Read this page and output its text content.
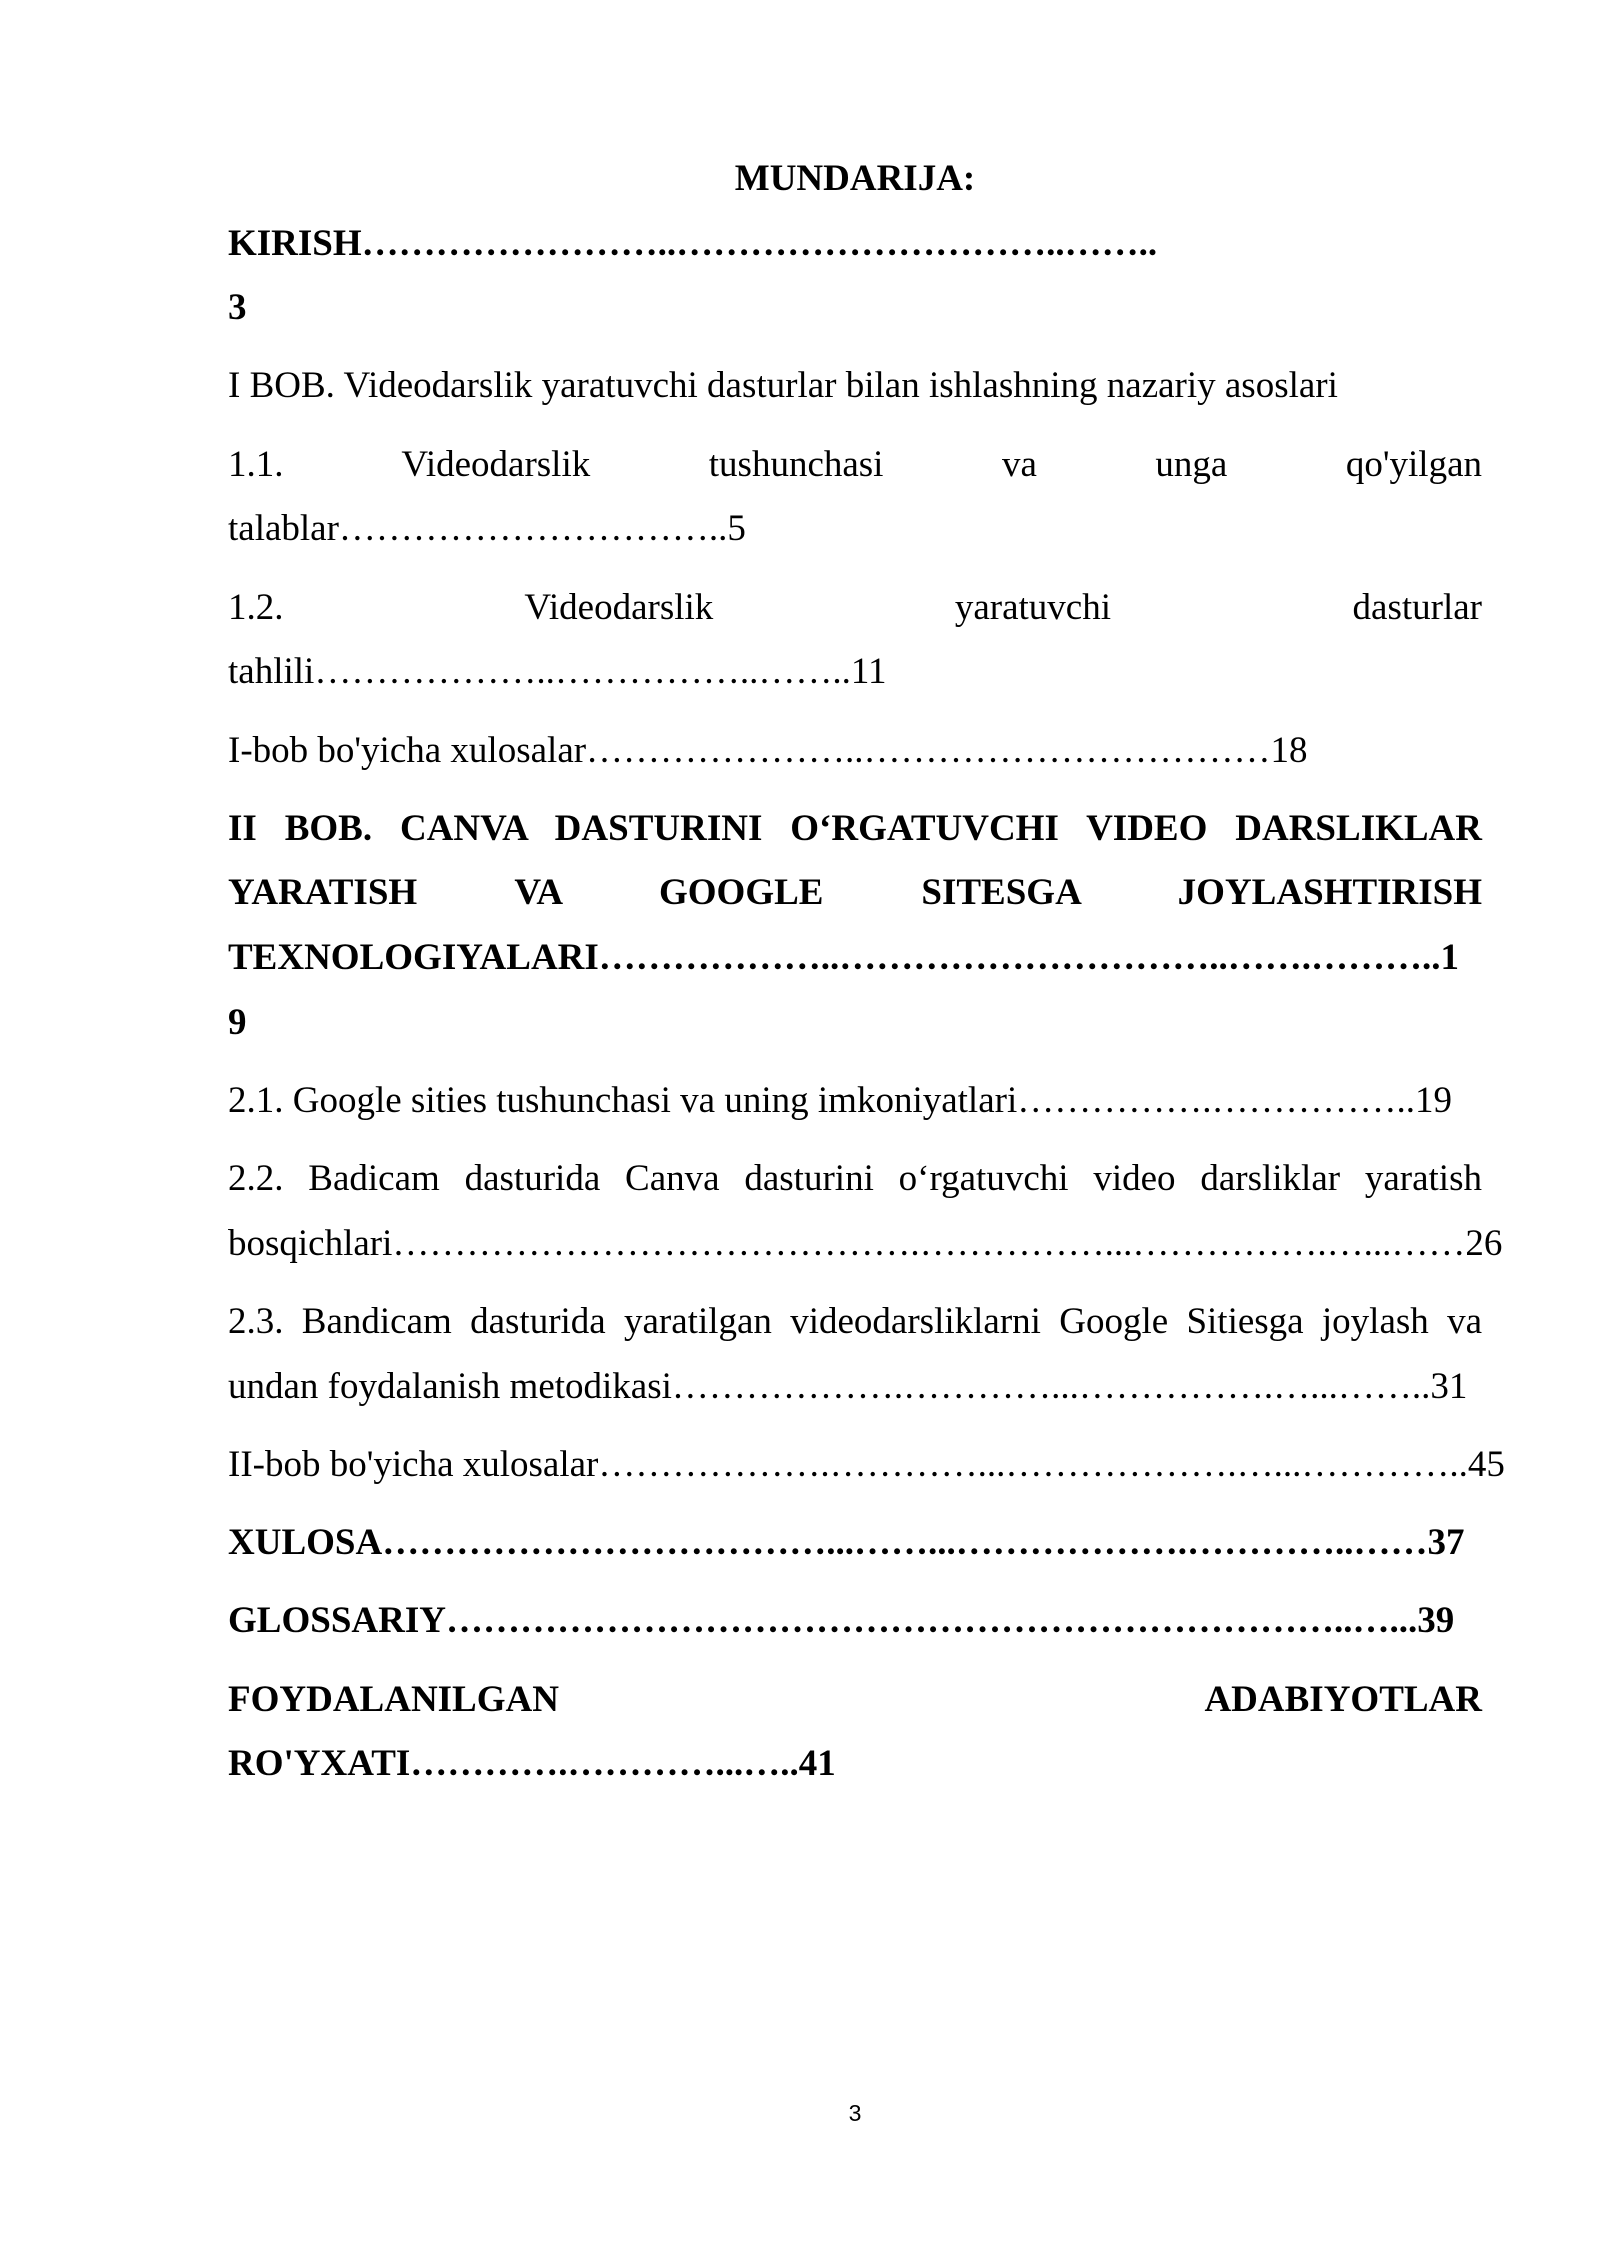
MUNDARIJA:
KIRISH……………………..…………………………..……..
3
I BOB. Videodarslik yaratuvchi dasturlar bilan ishlashning nazariy asoslari
1.1. Videodarslik tushunchasi va unga qo'yilgan
talablar…………………………..5
1.2. Videodarslik yaratuvchi dasturlar
tahlili………………..……………..……..11
I-bob bo'yicha xulosalar…………………..……………………………18
II BOB. CANVA DASTURINI O‘RGATUVCHI VIDEO DARSLIKLAR
YARATISH VA GOOGLE SITESGA JOYLASHTIRISH
TEXNOLOGIYALARI………………..…………………………..…….………..1
9
2.1. Google sities tushunchasi va uning imkoniyatlari…………….……………..19
2.2. Badicam dasturida Canva dasturini o‘rgatuvchi video darsliklar yaratish
bosqichlari…………………………………….……………...…………….…...……26
2.3. Bandicam dasturida yaratilgan videodarsliklarni Google Sitiesga joylash va
undan foydalanish metodikasi……………….…………...…………….…...……..31
II-bob bo'yicha xulosalar……………….…………...……………….…...…………..45
XULOSA………………………………...……...……………….…………..……37
GLOSSARIY………………………………………………………………..…...39
FOYDALANILGAN ADABIYOTLAR
RO'YXATI………….…………...…..41
3
